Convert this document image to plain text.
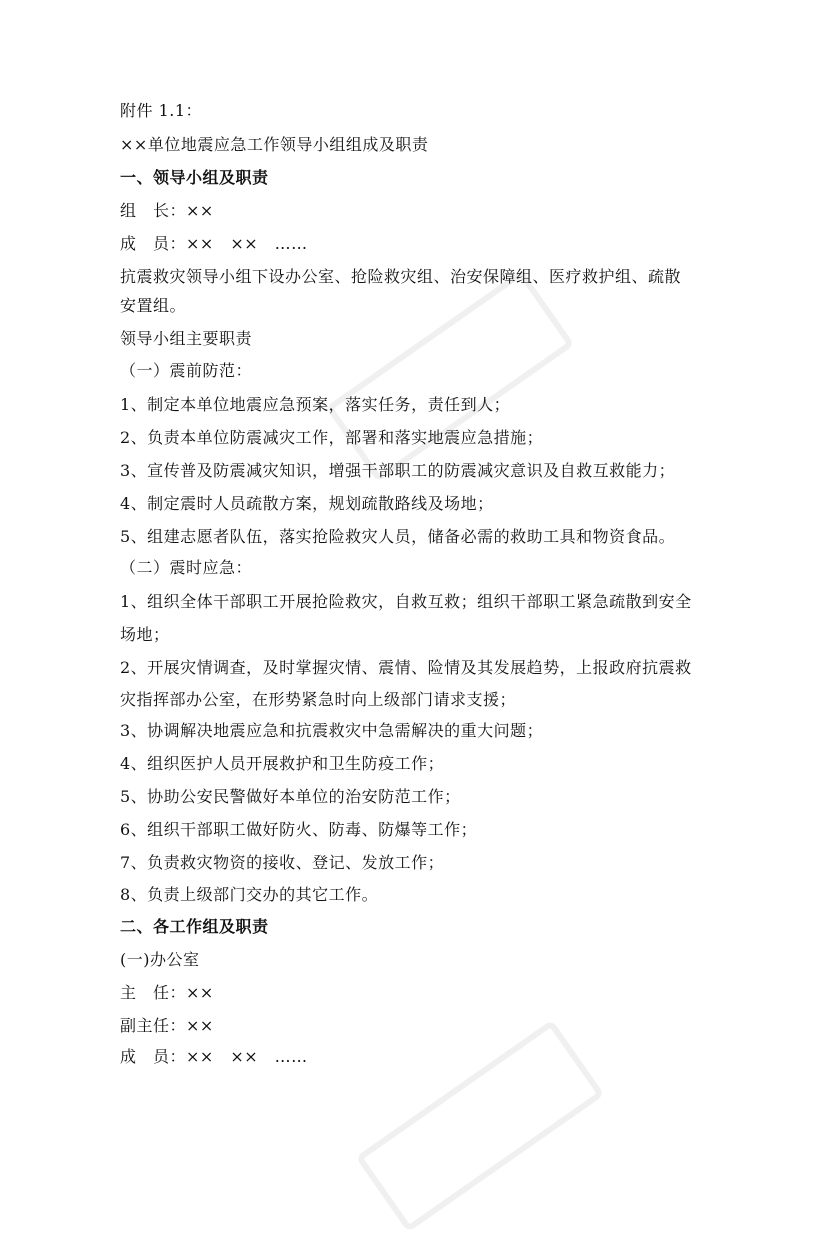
附件 1.1：
××单位地震应急工作领导小组组成及职责
一、领导小组及职责
组　长：××
成　员：××　××　……
抗震救灾领导小组下设办公室、抢险救灾组、治安保障组、医疗救护组、疏散
安置组。
领导小组主要职责
（一）震前防范：
1、制定本单位地震应急预案，落实任务，责任到人；
2、负责本单位防震减灾工作，部署和落实地震应急措施；
3、宣传普及防震减灾知识，增强干部职工的防震减灾意识及自救互救能力；
4、制定震时人员疏散方案，规划疏散路线及场地；
5、组建志愿者队伍，落实抢险救灾人员，储备必需的救助工具和物资食品。
（二）震时应急：
1、组织全体干部职工开展抢险救灾，自救互救；组织干部职工紧急疏散到安全
场地；
2、开展灾情调查，及时掌握灾情、震情、险情及其发展趋势，上报政府抗震救
灾指挥部办公室，在形势紧急时向上级部门请求支援；
3、协调解决地震应急和抗震救灾中急需解决的重大问题；
4、组织医护人员开展救护和卫生防疫工作；
5、协助公安民警做好本单位的治安防范工作；
6、组织干部职工做好防火、防毒、防爆等工作；
7、负责救灾物资的接收、登记、发放工作；
8、负责上级部门交办的其它工作。
二、各工作组及职责
(一)办公室
主　任：××
副主任：××
成　员：××　××　……
